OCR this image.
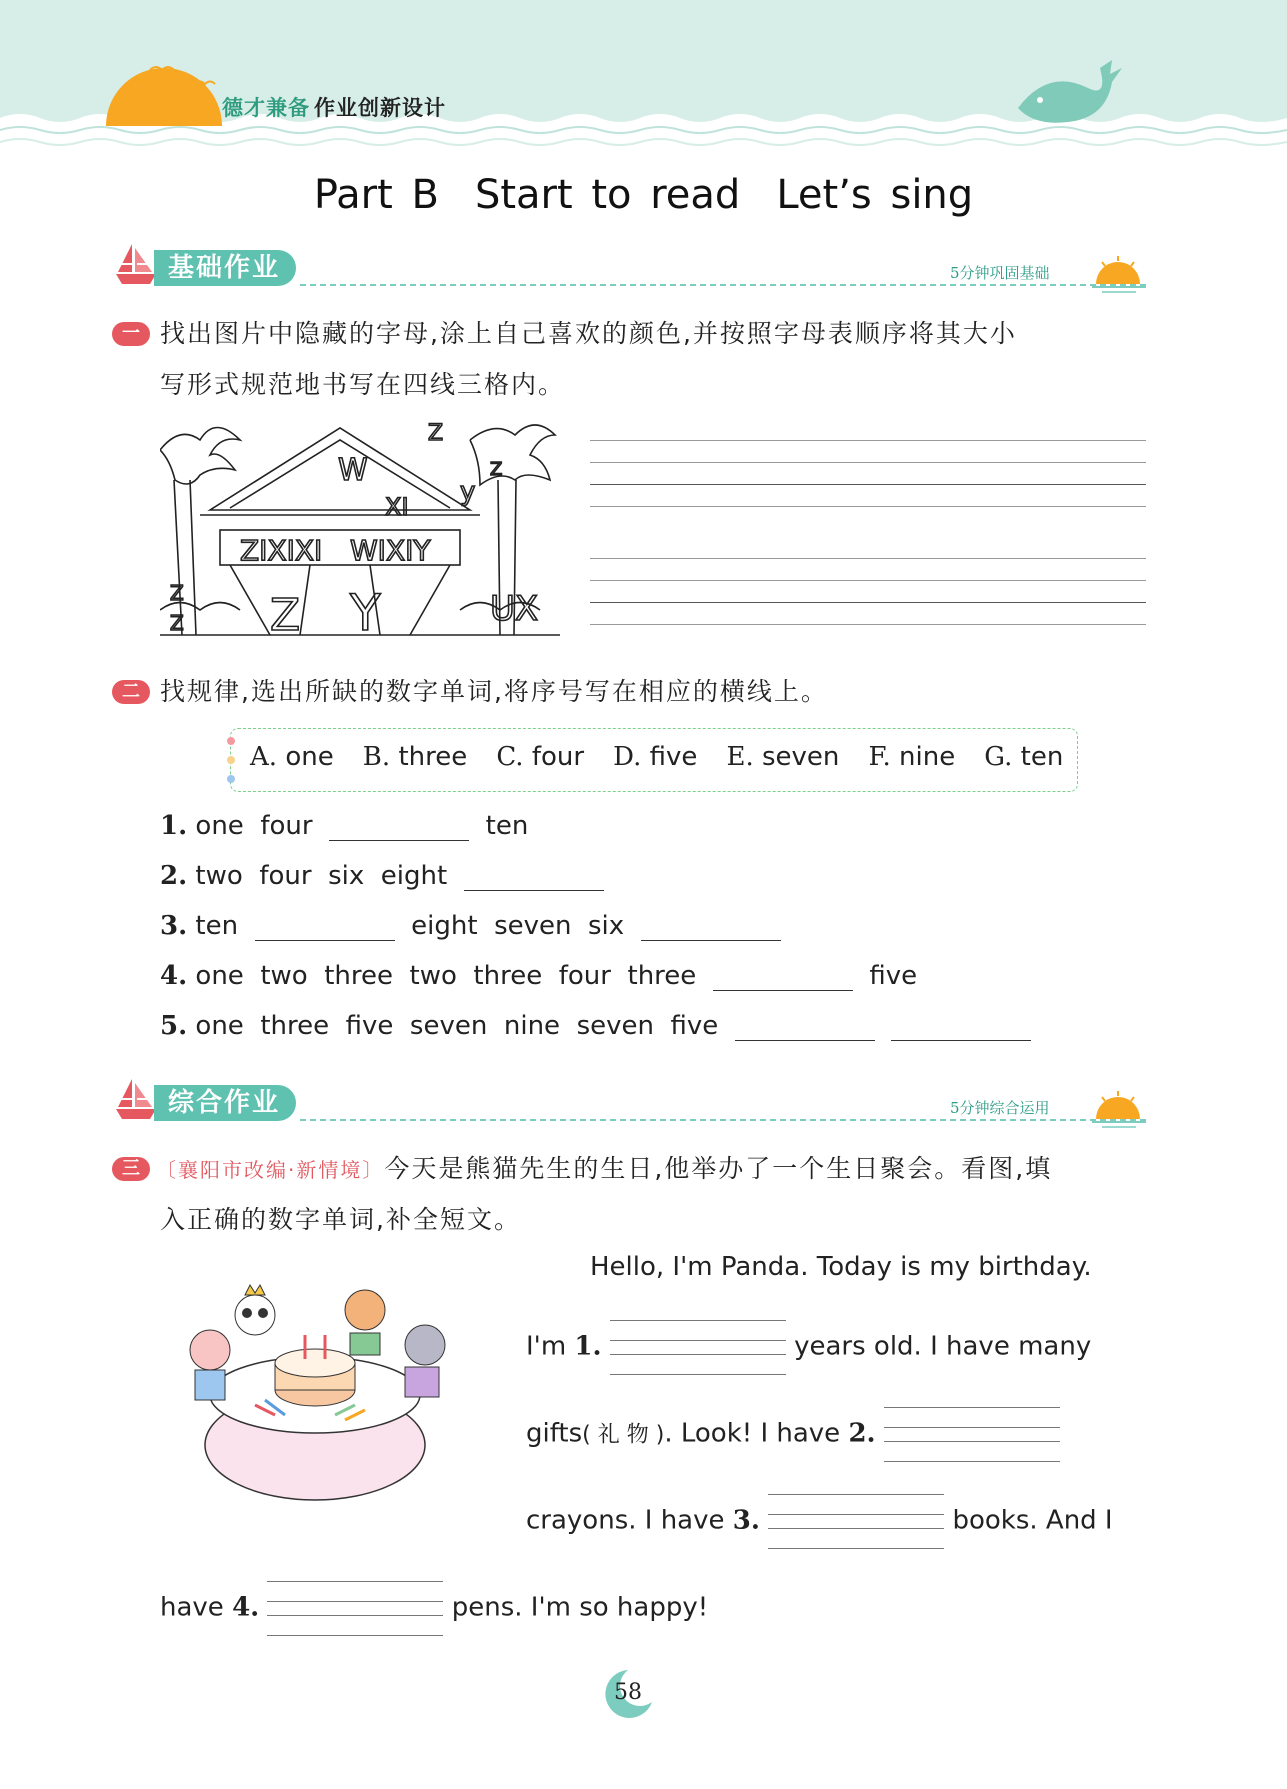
德才兼备 作业创新设计
Part B Start to read Let’s sing
基础作业	5分钟巩固基础
一 找出图片中隐藏的字母,涂上自己喜欢的颜色,并按照字母表顺序将其大小
写形式规范地书写在四线三格内。
W
ZIXIXI WIXIY
Z Y	UX
Z
Z
y
Z
Z
XI
二 找规律,选出所缺的数字单词,将序号写在相应的横线上。
A. one B. three C. four D. five E. seven F. nine G. ten
1. one  four	ten
2. two  four  six  eight
3. ten	eight  seven  six
4. one  two  three  two  three  four  three	five
5. one  three  five  seven  nine  seven  five
综合作业	5分钟综合运用
三 〔襄阳市改编·新情境〕今天是熊猫先生的生日,他举办了一个生日聚会。看图,填
入正确的数字单词,补全短文。
Hello, I'm Panda. Today is my birthday.
I'm 1.	years old. I have many
gifts( 礼 物 ). Look! I have 2.
crayons. I have 3.	books. And I
have 4.	pens. I'm so happy!
58
